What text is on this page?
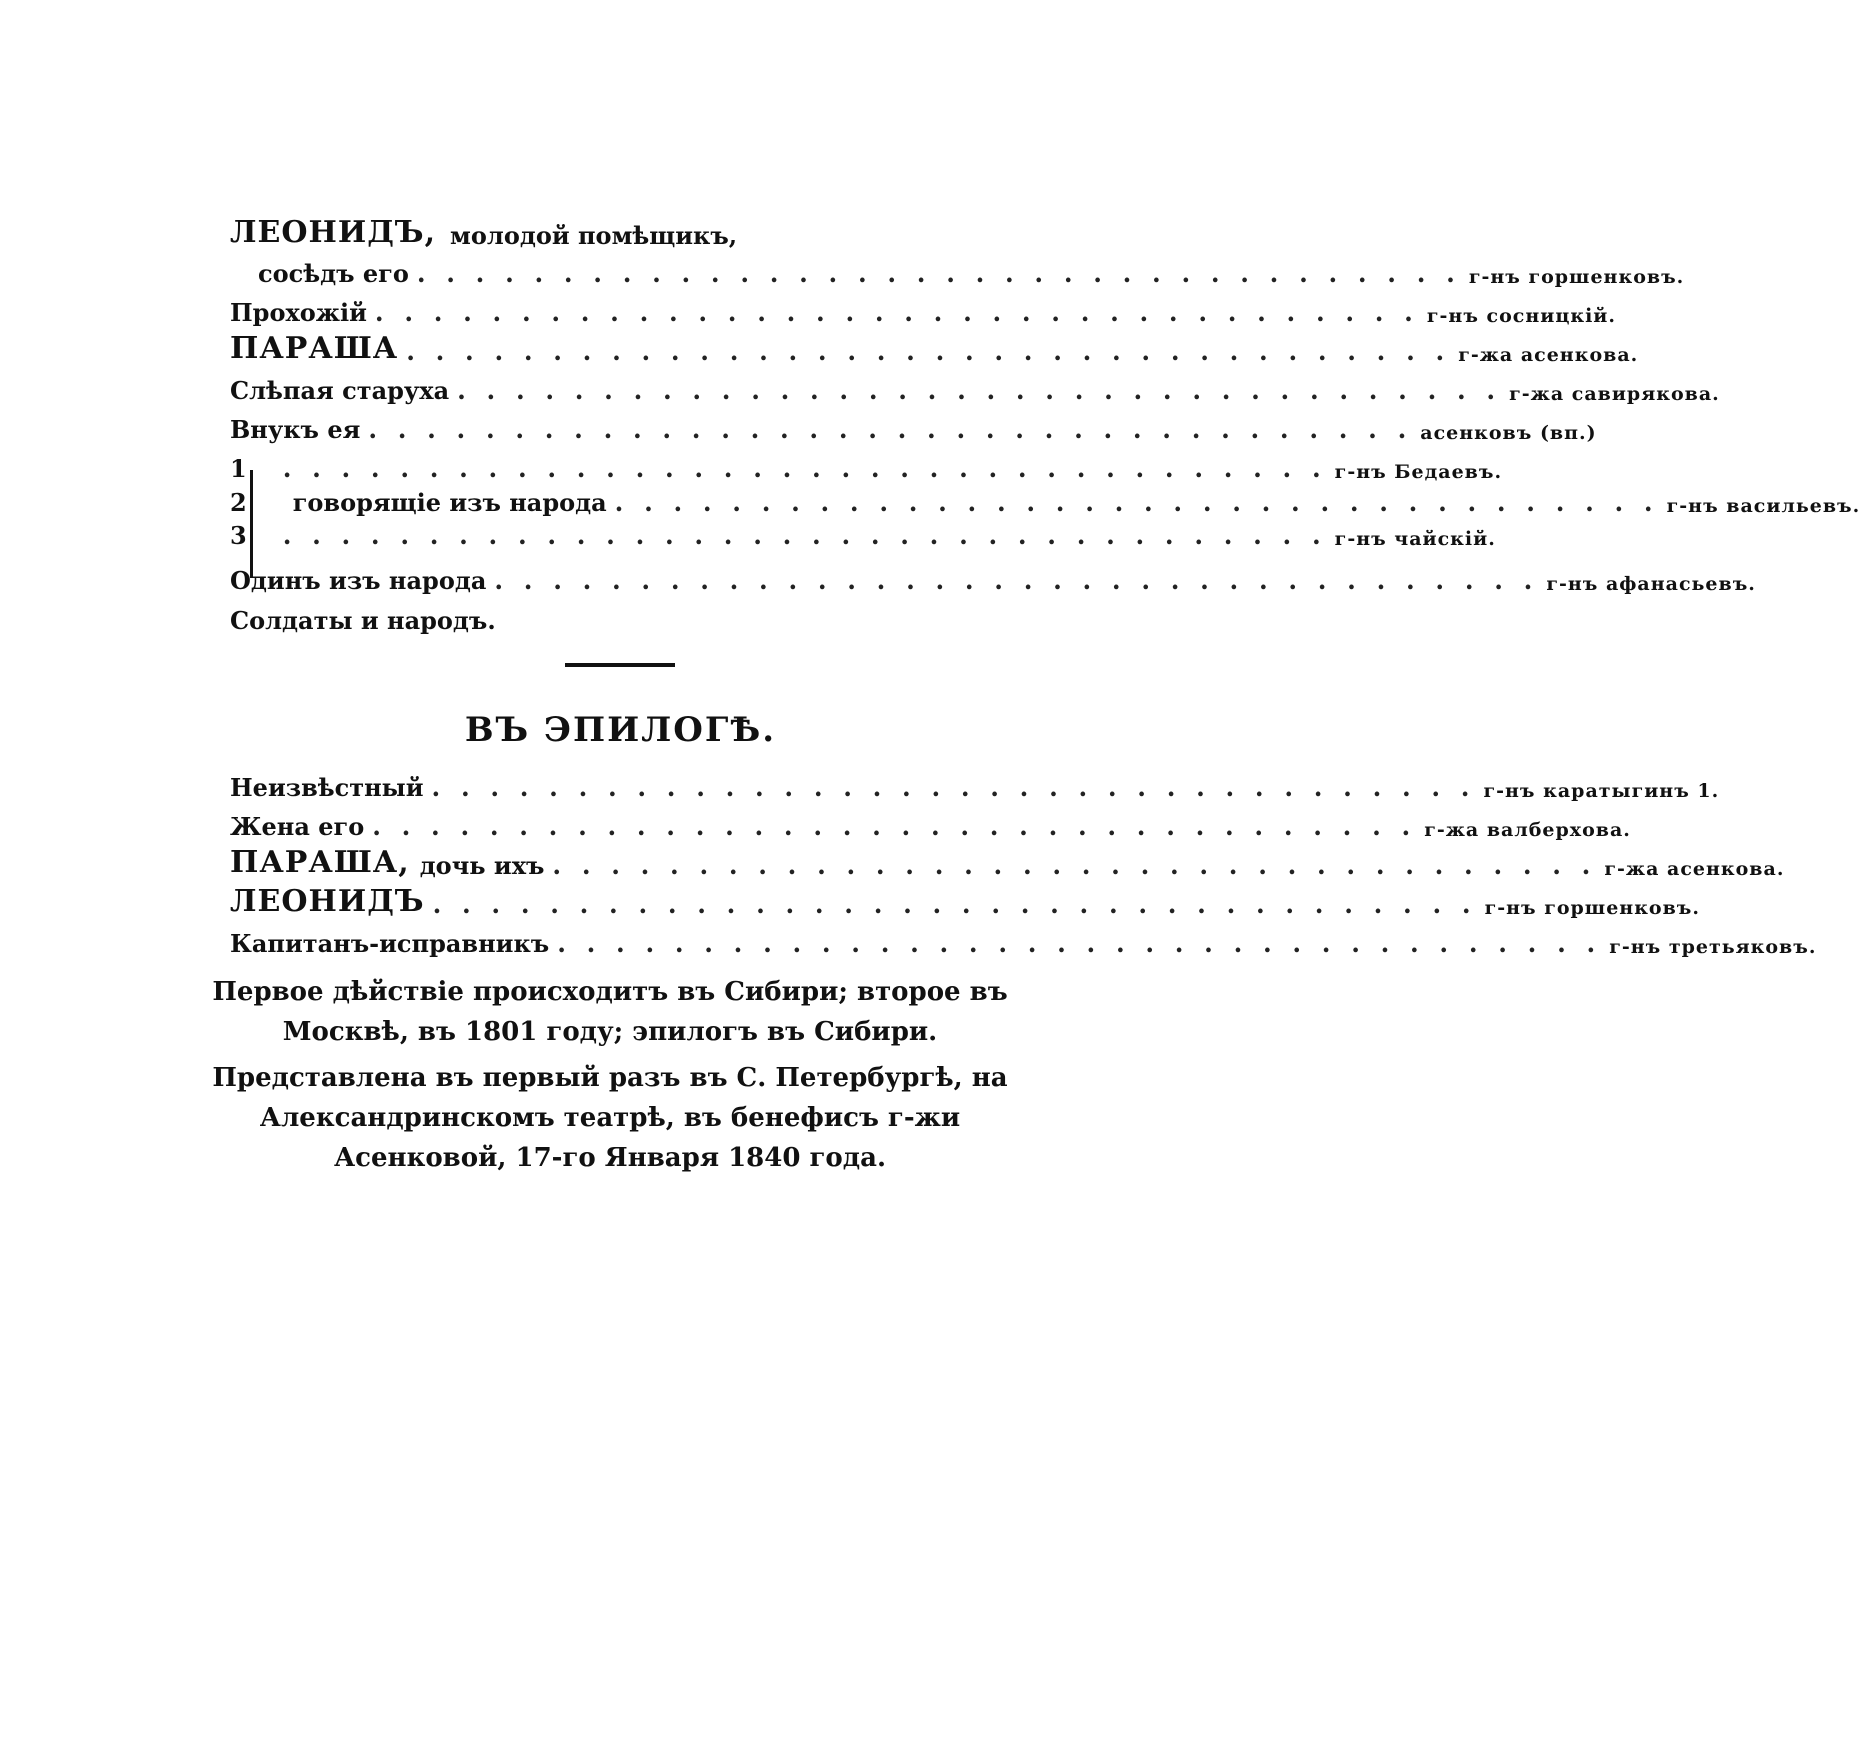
ЛЕОНИДЪ, молодой помѣщикъ,
сосѣдъ его . . . . . . . . . . . . . . . . . . . . . . . . . . . . . . . . . . . . г-нъ горшенковъ.
Прохожій . . . . . . . . . . . . . . . . . . . . . . . . . . . . . . . . . . . . г-нъ сосницкій.
ПАРАША . . . . . . . . . . . . . . . . . . . . . . . . . . . . . . . . . . . . г-жа асенкова.
Слѣпая старуха . . . . . . . . . . . . . . . . . . . . . . . . . . . . . . . . . . . . г-жа савирякова.
Внукъ ея . . . . . . . . . . . . . . . . . . . . . . . . . . . . . . . . . . . . асенковъ (вп.)
1 . . . . . . . . . . . . . . . . . . . . . . . . . . . . . . . . . . . . г-нъ Бедаевъ.
2 говорящіе изъ народа . . . . . . . . . . . . . . . . . . . . . . . . . . . . . . . . . . . . г-нъ васильевъ.
3 . . . . . . . . . . . . . . . . . . . . . . . . . . . . . . . . . . . . г-нъ чайскій.
Одинъ изъ народа . . . . . . . . . . . . . . . . . . . . . . . . . . . . . . . . . . . . г-нъ афанасьевъ.
Солдаты и народъ.
ВЪ ЭПИЛОГѢ.
Неизвѣстный . . . . . . . . . . . . . . . . . . . . . . . . . . . . . . . . . . . . г-нъ каратыгинъ 1.
Жена его . . . . . . . . . . . . . . . . . . . . . . . . . . . . . . . . . . . . г-жа валберхова.
ПАРАША, дочь ихъ . . . . . . . . . . . . . . . . . . . . . . . . . . . . . . . . . . . . г-жа асенкова.
ЛЕОНИДЪ . . . . . . . . . . . . . . . . . . . . . . . . . . . . . . . . . . . . г-нъ горшенковъ.
Капитанъ-исправникъ . . . . . . . . . . . . . . . . . . . . . . . . . . . . . . . . . . . . г-нъ третьяковъ.
Первое дѣйствіе происходитъ въ Сибири; второе въ Москвѣ, въ 1801 году; эпилогъ въ Сибири.
Представлена въ первый разъ въ С. Петербургѣ, на Александринскомъ театрѣ, въ бенефисъ г-жи Асенковой, 17-го Января 1840 года.
